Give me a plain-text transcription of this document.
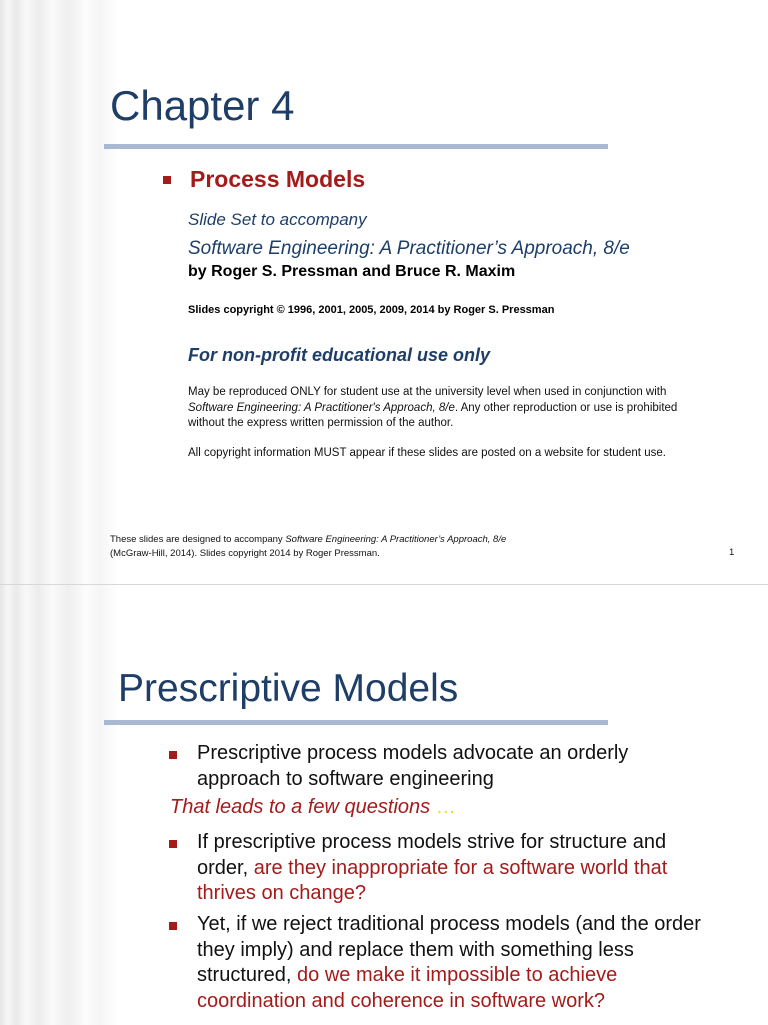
Chapter 4
Process Models
Slide Set to accompany
Software Engineering: A Practitioner’s Approach, 8/e
by Roger S. Pressman and Bruce R. Maxim
Slides copyright © 1996, 2001, 2005, 2009, 2014 by Roger S. Pressman
For non-profit educational use only
May be reproduced ONLY for student use at the university level when used in conjunction with Software Engineering: A Practitioner's Approach, 8/e. Any other reproduction or use is prohibited without the express written permission of the author.
All copyright information MUST appear if these slides are posted on a website for student use.
These slides are designed to accompany Software Engineering: A Practitioner’s Approach, 8/e
(McGraw-Hill, 2014). Slides copyright 2014 by Roger Pressman.	1
Prescriptive Models
Prescriptive process models advocate an orderly approach to software engineering
That leads to a few questions …
If prescriptive process models strive for structure and order, are they inappropriate for a software world that thrives on change?
Yet, if we reject traditional process models (and the order they imply) and replace them with something less structured, do we make it impossible to achieve coordination and coherence in software work?
